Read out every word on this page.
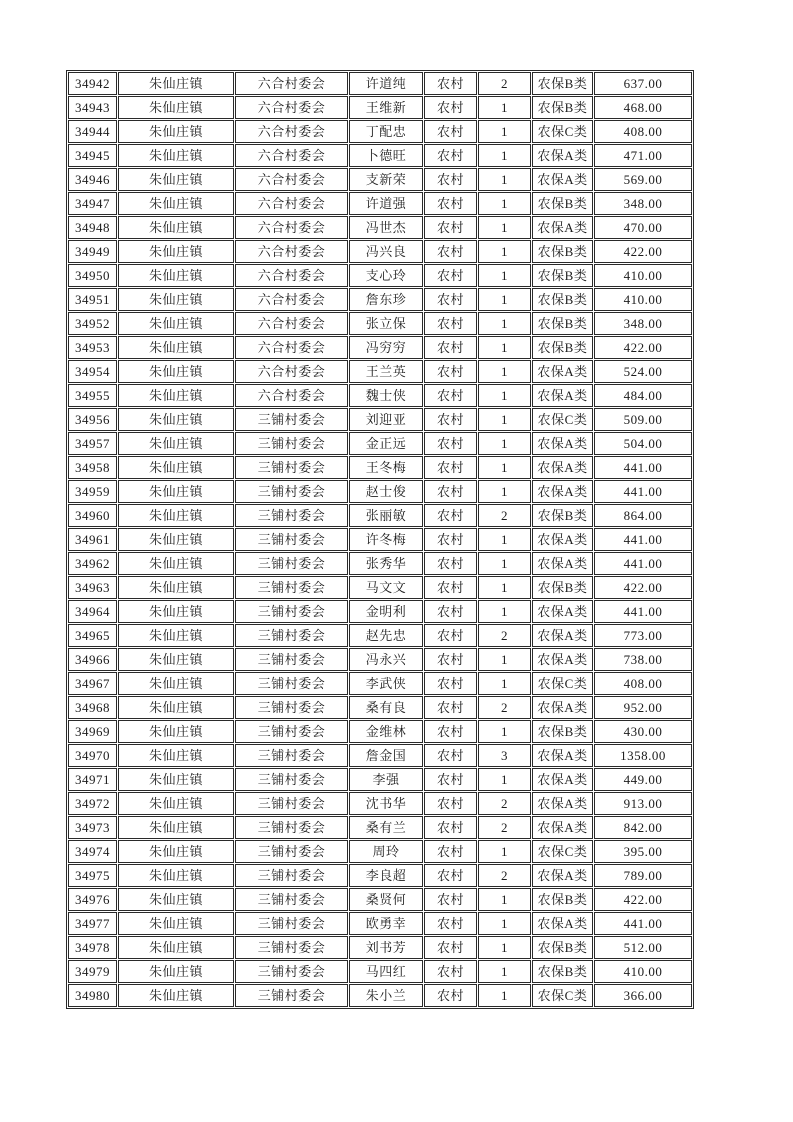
34942	朱仙庄镇	六合村委会	许道纯	农村	2	农保B类	637.00
34943	朱仙庄镇	六合村委会	王维新	农村	1	农保B类	468.00
34944	朱仙庄镇	六合村委会	丁配忠	农村	1	农保C类	408.00
34945	朱仙庄镇	六合村委会	卜德旺	农村	1	农保A类	471.00
34946	朱仙庄镇	六合村委会	支新荣	农村	1	农保A类	569.00
34947	朱仙庄镇	六合村委会	许道强	农村	1	农保B类	348.00
34948	朱仙庄镇	六合村委会	冯世杰	农村	1	农保A类	470.00
34949	朱仙庄镇	六合村委会	冯兴良	农村	1	农保B类	422.00
34950	朱仙庄镇	六合村委会	支心玲	农村	1	农保B类	410.00
34951	朱仙庄镇	六合村委会	詹东珍	农村	1	农保B类	410.00
34952	朱仙庄镇	六合村委会	张立保	农村	1	农保B类	348.00
34953	朱仙庄镇	六合村委会	冯穷穷	农村	1	农保B类	422.00
34954	朱仙庄镇	六合村委会	王兰英	农村	1	农保A类	524.00
34955	朱仙庄镇	六合村委会	魏士侠	农村	1	农保A类	484.00
34956	朱仙庄镇	三铺村委会	刘迎亚	农村	1	农保C类	509.00
34957	朱仙庄镇	三铺村委会	金正远	农村	1	农保A类	504.00
34958	朱仙庄镇	三铺村委会	王冬梅	农村	1	农保A类	441.00
34959	朱仙庄镇	三铺村委会	赵士俊	农村	1	农保A类	441.00
34960	朱仙庄镇	三铺村委会	张丽敏	农村	2	农保B类	864.00
34961	朱仙庄镇	三铺村委会	许冬梅	农村	1	农保A类	441.00
34962	朱仙庄镇	三铺村委会	张秀华	农村	1	农保A类	441.00
34963	朱仙庄镇	三铺村委会	马文文	农村	1	农保B类	422.00
34964	朱仙庄镇	三铺村委会	金明利	农村	1	农保A类	441.00
34965	朱仙庄镇	三铺村委会	赵先忠	农村	2	农保A类	773.00
34966	朱仙庄镇	三铺村委会	冯永兴	农村	1	农保A类	738.00
34967	朱仙庄镇	三铺村委会	李武侠	农村	1	农保C类	408.00
34968	朱仙庄镇	三铺村委会	桑有良	农村	2	农保A类	952.00
34969	朱仙庄镇	三铺村委会	金维林	农村	1	农保B类	430.00
34970	朱仙庄镇	三铺村委会	詹金国	农村	3	农保A类	1358.00
34971	朱仙庄镇	三铺村委会	李强	农村	1	农保A类	449.00
34972	朱仙庄镇	三铺村委会	沈书华	农村	2	农保A类	913.00
34973	朱仙庄镇	三铺村委会	桑有兰	农村	2	农保A类	842.00
34974	朱仙庄镇	三铺村委会	周玲	农村	1	农保C类	395.00
34975	朱仙庄镇	三铺村委会	李良超	农村	2	农保A类	789.00
34976	朱仙庄镇	三铺村委会	桑贤何	农村	1	农保B类	422.00
34977	朱仙庄镇	三铺村委会	欧勇幸	农村	1	农保A类	441.00
34978	朱仙庄镇	三铺村委会	刘书芳	农村	1	农保B类	512.00
34979	朱仙庄镇	三铺村委会	马四红	农村	1	农保B类	410.00
34980	朱仙庄镇	三铺村委会	朱小兰	农村	1	农保C类	366.00
